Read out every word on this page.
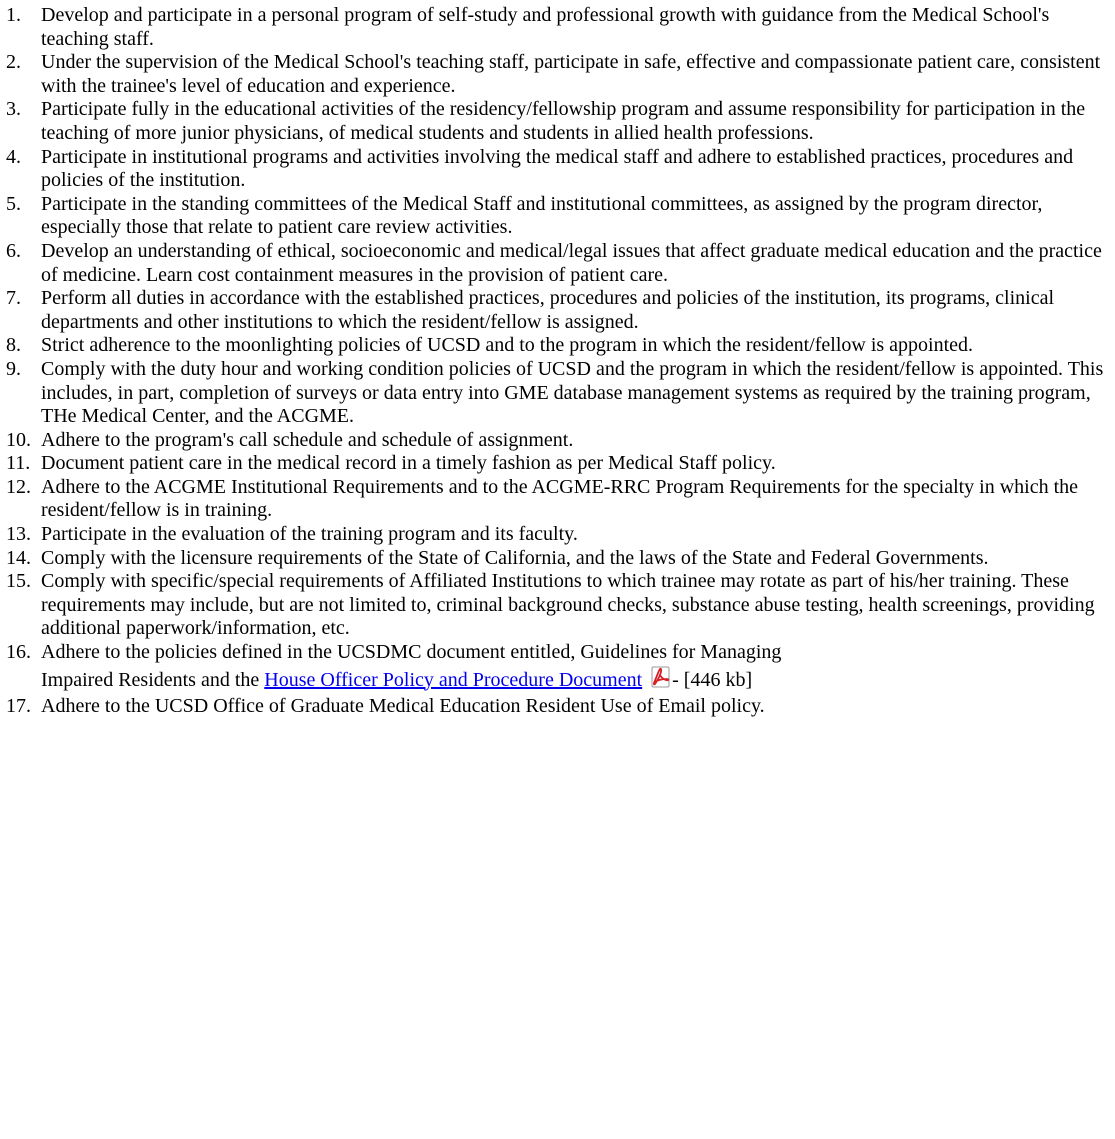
1. Develop and participate in a personal program of self-study and professional growth with guidance from the Medical School's teaching staff.
2. Under the supervision of the Medical School's teaching staff, participate in safe, effective and compassionate patient care, consistent with the trainee's level of education and experience.
3. Participate fully in the educational activities of the residency/fellowship program and assume responsibility for participation in the teaching of more junior physicians, of medical students and students in allied health professions.
4. Participate in institutional programs and activities involving the medical staff and adhere to established practices, procedures and policies of the institution.
5. Participate in the standing committees of the Medical Staff and institutional committees, as assigned by the program director, especially those that relate to patient care review activities.
6. Develop an understanding of ethical, socioeconomic and medical/legal issues that affect graduate medical education and the practice of medicine. Learn cost containment measures in the provision of patient care.
7. Perform all duties in accordance with the established practices, procedures and policies of the institution, its programs, clinical departments and other institutions to which the resident/fellow is assigned.
8. Strict adherence to the moonlighting policies of UCSD and to the program in which the resident/fellow is appointed.
9. Comply with the duty hour and working condition policies of UCSD and the program in which the resident/fellow is appointed. This includes, in part, completion of surveys or data entry into GME database management systems as required by the training program, THe Medical Center, and the ACGME.
10. Adhere to the program's call schedule and schedule of assignment.
11. Document patient care in the medical record in a timely fashion as per Medical Staff policy.
12. Adhere to the ACGME Institutional Requirements and to the ACGME-RRC Program Requirements for the specialty in which the resident/fellow is in training.
13. Participate in the evaluation of the training program and its faculty.
14. Comply with the licensure requirements of the State of California, and the laws of the State and Federal Governments.
15. Comply with specific/special requirements of Affiliated Institutions to which trainee may rotate as part of his/her training. These requirements may include, but are not limited to, criminal background checks, substance abuse testing, health screenings, providing additional paperwork/information, etc.
16. Adhere to the policies defined in the UCSDMC document entitled, Guidelines for Managing
Impaired Residents and the House Officer Policy and Procedure Document - [446 kb]
17. Adhere to the UCSD Office of Graduate Medical Education Resident Use of Email policy.
